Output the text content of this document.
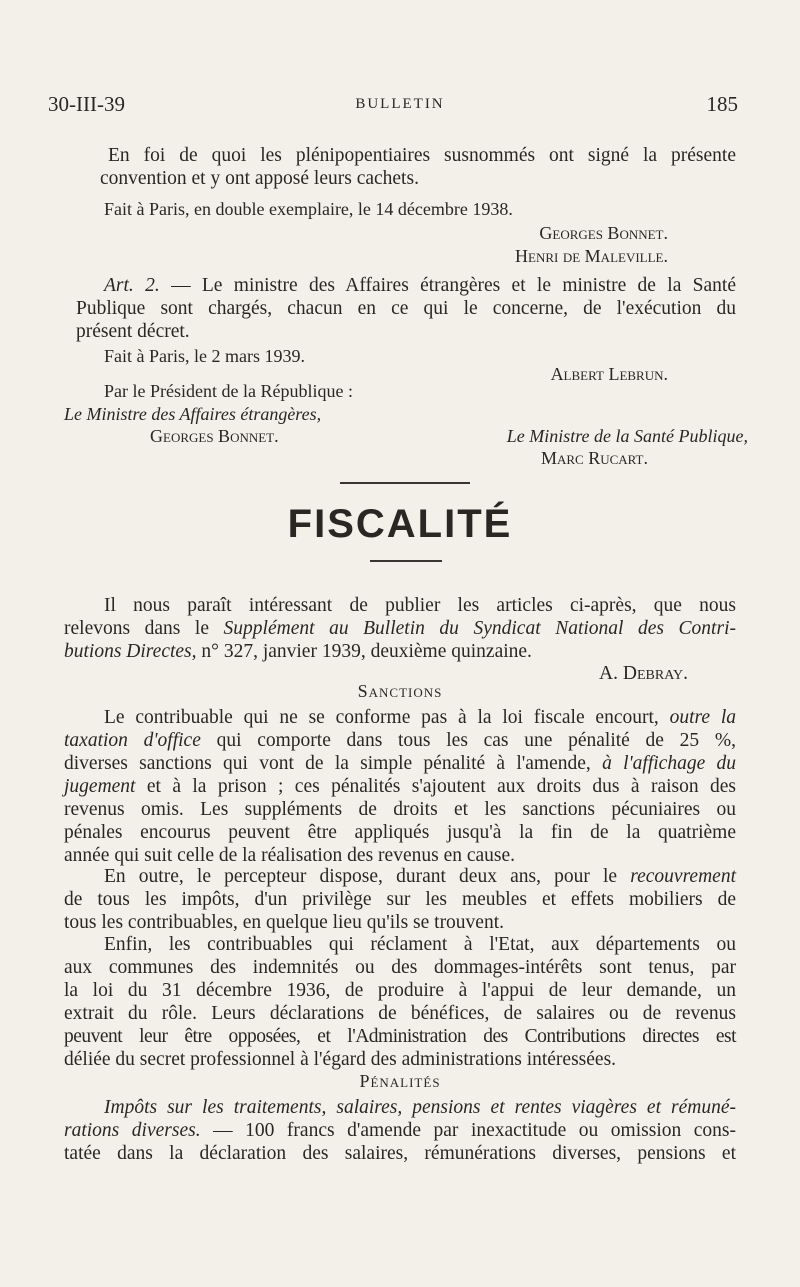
30-III-39	BULLETIN	185
En foi de quoi les plénipopentiaires susnommés ont signé la présente
convention et y ont apposé leurs cachets.
Fait à Paris, en double exemplaire, le 14 décembre 1938.
Georges Bonnet.
Henri de Maleville.
Art. 2. — Le ministre des Affaires étrangères et le ministre de la Santé
Publique sont chargés, chacun en ce qui le concerne, de l'exécution du
présent décret.
Fait à Paris, le 2 mars 1939.
Albert Lebrun.
Par le Président de la République :
Le Ministre des Affaires étrangères,
Georges Bonnet.	Le Ministre de la Santé Publique,
Marc Rucart.
FISCALITÉ
Il nous paraît intéressant de publier les articles ci-après, que nous
relevons dans le Supplément au Bulletin du Syndicat National des Contri-
butions Directes, n° 327, janvier 1939, deuxième quinzaine.
A. Debray.
Sanctions
Le contribuable qui ne se conforme pas à la loi fiscale encourt, outre la
taxation d'office qui comporte dans tous les cas une pénalité de 25 %,
diverses sanctions qui vont de la simple pénalité à l'amende, à l'affichage du
jugement et à la prison ; ces pénalités s'ajoutent aux droits dus à raison des
revenus omis. Les suppléments de droits et les sanctions pécuniaires ou
pénales encourus peuvent être appliqués jusqu'à la fin de la quatrième
année qui suit celle de la réalisation des revenus en cause.
En outre, le percepteur dispose, durant deux ans, pour le recouvrement
de tous les impôts, d'un privilège sur les meubles et effets mobiliers de
tous les contribuables, en quelque lieu qu'ils se trouvent.
Enfin, les contribuables qui réclament à l'Etat, aux départements ou
aux communes des indemnités ou des dommages-intérêts sont tenus, par
la loi du 31 décembre 1936, de produire à l'appui de leur demande, un
extrait du rôle. Leurs déclarations de bénéfices, de salaires ou de revenus
peuvent leur être opposées, et l'Administration des Contributions directes est
déliée du secret professionnel à l'égard des administrations intéressées.
Pénalités
Impôts sur les traitements, salaires, pensions et rentes viagères et rémuné-
rations diverses. — 100 francs d'amende par inexactitude ou omission cons-
tatée dans la déclaration des salaires, rémunérations diverses, pensions et
